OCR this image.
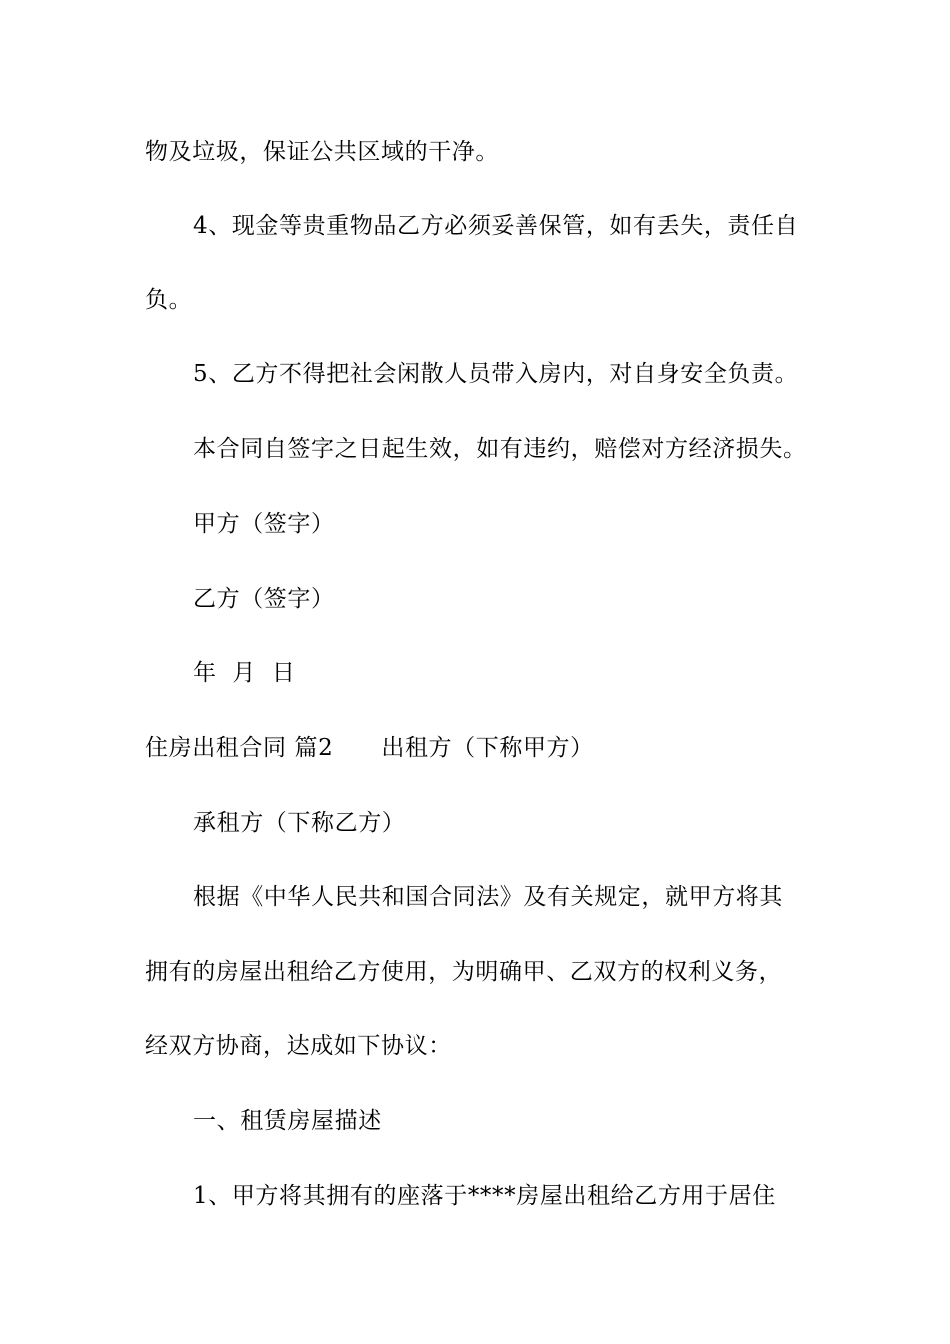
物及垃圾，保证公共区域的干净。
4、现金等贵重物品乙方必须妥善保管，如有丢失，责任自
负。
5、乙方不得把社会闲散人员带入房内，对自身安全负责。
本合同自签字之日起生效，如有违约，赔偿对方经济损失。
甲方（签字）
乙方（签字）
年  月  日
住房出租合同 篇2 出租方（下称甲方）
承租方（下称乙方）
根据《中华人民共和国合同法》及有关规定，就甲方将其
拥有的房屋出租给乙方使用，为明确甲、乙双方的权利义务，
经双方协商，达成如下协议：
一、租赁房屋描述
1、甲方将其拥有的座落于****房屋出租给乙方用于居住
